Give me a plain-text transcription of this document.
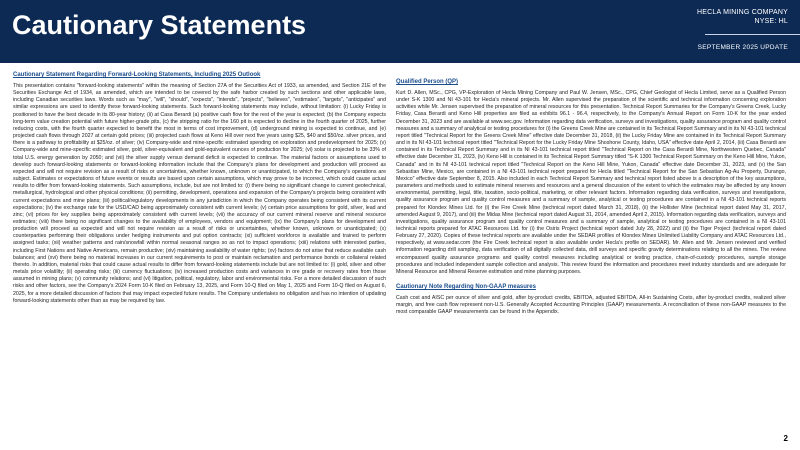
Cautionary Statements	HECLA MINING COMPANY
NYSE: HL
SEPTEMBER 2025 UPDATE
Cautionary Statement Regarding Forward-Looking Statements, Including 2025 Outlook
This presentation contains "forward-looking statements" within the meaning of Section 27A of the Securities Act of 1933, as amended, and Section 21E of the Securities Exchange Act of 1934, as amended, which are intended to be covered by the safe harbor created by such sections and other applicable laws, including Canadian securities laws. Words such as "may", "will", "should", "expects", "intends", "projects", "believes", "estimates", "targets", "anticipates" and similar expressions are used to identify these forward-looking statements. Such forward-looking statements may include, without limitation: (i) Lucky Friday is positioned to have the best decade in its 80-year history; (ii) at Casa Berardi (a) positive cash flow for the rest of the year is expected; (b) the Company expects long-term value creation potential with future higher-grade pits, (c) the stripping ratio for the 160 pit is expected to decline in the fourth quarter of 2025, further reducing costs, with the fourth quarter expected to benefit the most in terms of cost improvement, (d) underground mining is expected to continue, and (e) projected cash flows through 2027 at certain gold prices; (iii) projected cash flows at Keno Hill over next five years using $25, $40 and $50/oz. silver prices, and there is a pathway to profitability at $25/oz. of silver; (iv) Company-wide and mine-specific estimated spending on exploration and predevelopment for 2025; (v) Company-wide and mine-specific estimated silver, gold, silver-equivalent and gold-equivalent ounces of production for 2025; (vi) solar is projected to be 33% of total U.S. energy generation by 2050; and (vii) the silver supply versus demand deficit is expected to continue. The material factors or assumptions used to develop such forward-looking statements or forward-looking information include that the Company's plans for development and production will proceed as expected and will not require revision as a result of risks or uncertainties, whether known, unknown or unanticipated, to which the Company's operations are subject. Estimates or expectations of future events or results are based upon certain assumptions, which may prove to be incorrect, which could cause actual results to differ from forward-looking statements. Such assumptions, include, but are not limited to: (i) there being no significant change to current geotechnical, metallurgical, hydrological and other physical conditions; (ii) permitting, development, operations and expansion of the Company's projects being consistent with current expectations and mine plans; (iii) political/regulatory developments in any jurisdiction in which the Company operates being consistent with its current expectations; (iv) the exchange rate for the USD/CAD being approximately consistent with current levels; (v) certain price assumptions for gold, silver, lead and zinc; (vi) prices for key supplies being approximately consistent with current levels; (vii) the accuracy of our current mineral reserve and mineral resource estimates; (viii) there being no significant changes to the availability of employees, vendors and equipment; (ix) the Company's plans for development and production will proceed as expected and will not require revision as a result of risks or uncertainties, whether known, unknown or unanticipated; (x) counterparties performing their obligations under hedging instruments and put option contracts; (xi) sufficient workforce is available and trained to perform assigned tasks; (xii) weather patterns and rain/snowfall within normal seasonal ranges so as not to impact operations; (xiii) relations with interested parties, including First Nations and Native Americans, remain productive; (xiv) maintaining availability of water rights; (xv) factors do not arise that reduce available cash balances; and (xvi) there being no material increases in our current requirements to post or maintain reclamation and performance bonds or collateral related thereto. In addition, material risks that could cause actual results to differ from forward-looking statements include but are not limited to: (i) gold, silver and other metals price volatility; (ii) operating risks; (iii) currency fluctuations; (iv) increased production costs and variances in ore grade or recovery rates from those assumed in mining plans; (v) community relations; and (vi) litigation, political, regulatory, labor and environmental risks. For a more detailed discussion of such risks and other factors, see the Company's 2024 Form 10-K filed on February 13, 2025, and Form 10-Q filed on May 1, 2025 and Form 10-Q filed on August 6, 2025, for a more detailed discussion of factors that may impact expected future results. The Company undertakes no obligation and has no intention of updating forward-looking statements other than as may be required by law.
Qualified Person (QP)
Kurt D. Allen, MSc., CPG, VP-Exploration of Hecla Mining Company and Paul W. Jensen, MSc., CPG, Chief Geologist of Hecla Limited, serve as a Qualified Person under S-K 1300 and NI 43-101 for Hecla's mineral projects. Mr. Allen supervised the preparation of the scientific and technical information concerning exploration activities while Mr. Jensen supervised the preparation of mineral resources for this presentation. Technical Report Summaries for the Company's Greens Creek, Lucky Friday, Casa Berardi and Keno Hill properties are filed as exhibits 96.1 - 96.4, respectively, to the Company's Annual Report on Form 10-K for the year ended December 31, 2023 and are available at www.sec.gov. Information regarding data verification, surveys and investigations, quality assurance program and quality control measures and a summary of analytical or testing procedures for (i) the Greens Creek Mine are contained in its Technical Report Summary and in its NI 43-101 technical report titled "Technical Report for the Greens Creek Mine" effective date December 31, 2018, (ii) the Lucky Friday Mine are contained in its Technical Report Summary and in its NI 43-101 technical report titled "Technical Report for the Lucky Friday Mine Shoshone County, Idaho, USA" effective date April 2, 2014, (iii) Casa Berardi are contained in its Technical Report Summary and in its NI 43-101 technical report titled "Technical Report on the Casa Berardi Mine, Northwestern Quebec, Canada" effective date December 31, 2023, (iv) Keno Hill is contained in its Technical Report Summary titled "S-K 1300 Technical Report Summary on the Keno Hill Mine, Yukon, Canada" and in its NI 43-101 technical report titled "Technical Report on the Keno Hill Mine, Yukon, Canada" effective date December 31, 2023, and (v) the San Sebastian Mine, Mexico, are contained in a NI 43-101 technical report prepared for Hecla titled "Technical Report for the San Sebastian Ag-Au Property, Durango, Mexico" effective date September 8, 2015. Also included in each Technical Report Summary and technical report listed above is a description of the key assumptions, parameters and methods used to estimate mineral reserves and resources and a general discussion of the extent to which the estimates may be affected by any known environmental, permitting, legal, title, taxation, socio-political, marketing, or other relevant factors. Information regarding data verification, surveys and investigations, quality assurance program and quality control measures and a summary of sample, analytical or testing procedures are contained in a NI 43-101 technical reports prepared for Klondex Mines Ltd. for (i) the Fire Creek Mine (technical report dated March 31, 2018), (ii) the Hollister Mine (technical report dated May 31, 2017, amended August 9, 2017), and (iii) the Midas Mine (technical report dated August 31, 2014, amended April 2, 2015). Information regarding data verification, surveys and investigations, quality assurance program and quality control measures and a summary of sample, analytical or testing procedures are contained in a NI 43-101 technical reports prepared for ATAC Resources Ltd. for (i) the Osiris Project (technical report dated July 28, 2022) and (ii) the Tiger Project (technical report dated February 27, 2020). Copies of these technical reports are available under the SEDAR profiles of Klondex Mines Unlimited Liability Company and ATAC Resources Ltd., respectively, at www.sedar.com (the Fire Creek technical report is also available under Hecla's profile on SEDAR). Mr. Allen and Mr. Jensen reviewed and verified information regarding drill sampling, data verification of all digitally collected data, drill surveys and specific gravity determinations relating to all the mines. The review encompassed quality assurance programs and quality control measures including analytical or testing practice, chain-of-custody procedures, sample storage procedures and included independent sample collection and analysis. This review found the information and procedures meet industry standards and are adequate for Mineral Resource and Mineral Reserve estimation and mine planning purposes.
Cautionary Note Regarding Non-GAAP measures
Cash cost and AISC per ounce of silver and gold, after by-product credits, EBITDA, adjusted EBITDA, All-in Sustaining Costs, after by-product credits, realized silver margin, and free cash flow represent non-U.S. Generally Accepted Accounting Principles (GAAP) measurements. A reconciliation of these non-GAAP measures to the most comparable GAAP measurements can be found in the Appendix.
2
